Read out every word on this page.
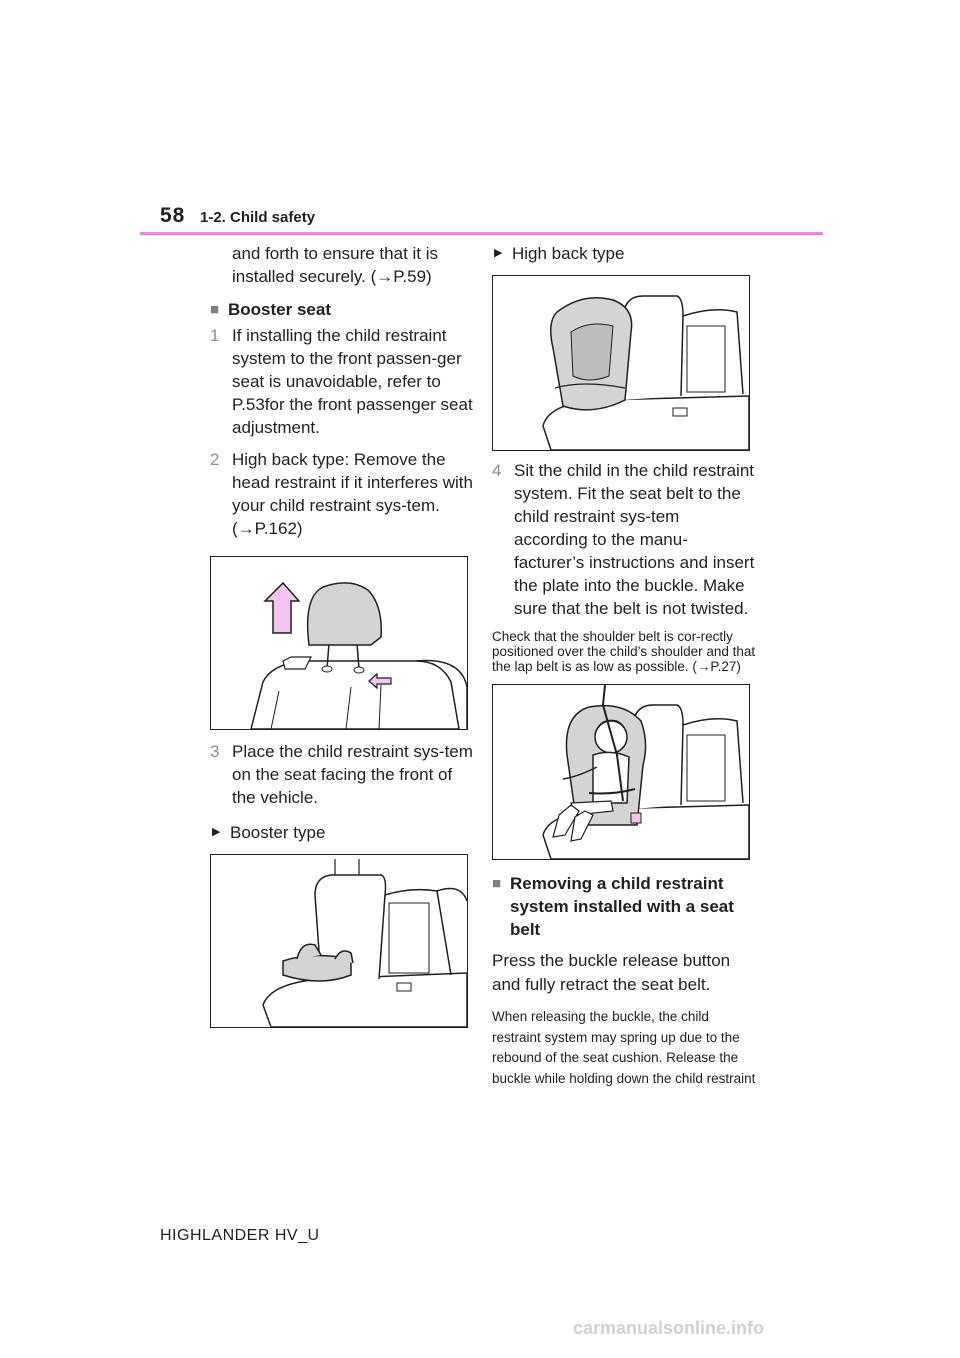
58 1-2. Child safety

and forth to ensure that it is installed securely. (→P.59)

■ Booster seat
1 If installing the child restraint system to the front passen-ger seat is unavoidable, refer to P.53for the front passenger seat adjustment.
2 High back type: Remove the head restraint if it interferes with your child restraint sys-tem. (→P.162)
3 Place the child restraint sys-tem on the seat facing the front of the vehicle.
▶ Booster type
▶ High back type
4 Sit the child in the child restraint system. Fit the seat belt to the child restraint sys-tem according to the manu-facturer’s instructions and insert the plate into the buckle. Make sure that the belt is not twisted.

Check that the shoulder belt is cor-rectly positioned over the child’s shoulder and that the lap belt is as low as possible. (→P.27)

■ Removing a child restraint system installed with a seat belt

Press the buckle release button and fully retract the seat belt.

When releasing the buckle, the child restraint system may spring up due to the rebound of the seat cushion. Release the buckle while holding down the child restraint

HIGHLANDER HV_U
carmanualsonline.info
